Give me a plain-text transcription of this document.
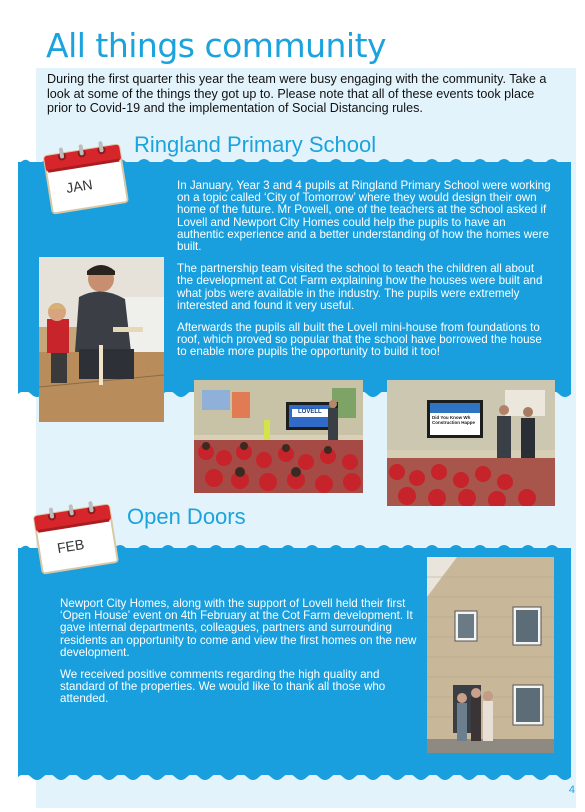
All things community
During the first quarter this year the team were busy engaging with the community. Take a look at some of the things they got up to. Please note that all of these events took place prior to Covid-19 and the implementation of Social Distancing rules.
Ringland Primary School
JAN	In January, Year 3 and 4 pupils at Ringland Primary School were working on a topic called ‘City of Tomorrow’ where they would design their own home of the future. Mr Powell, one of the teachers at the school asked if Lovell and Newport City Homes could help the pupils to have an authentic experience and a better understanding of how the homes were built.

The partnership team visited the school to teach the children all about the development at Cot Farm explaining how the houses were built and what jobs were available in the industry. The pupils were extremely interested and found it very useful.

Afterwards the pupils all built the Lovell mini-house from foundations to roof, which proved so popular that the school have borrowed the house to enable more pupils the opportunity to build it too!

LOVELL
Did You Know Wh Construction Happe
Open Doors
FEB

Newport City Homes, along with the support of Lovell held their first ‘Open House’ event on 4th February at the Cot Farm development. It gave internal departments, colleagues, partners and surrounding residents an opportunity to come and view the first homes on the new development.

We received positive comments regarding the high quality and standard of the properties. We would like to thank all those who attended.

4
